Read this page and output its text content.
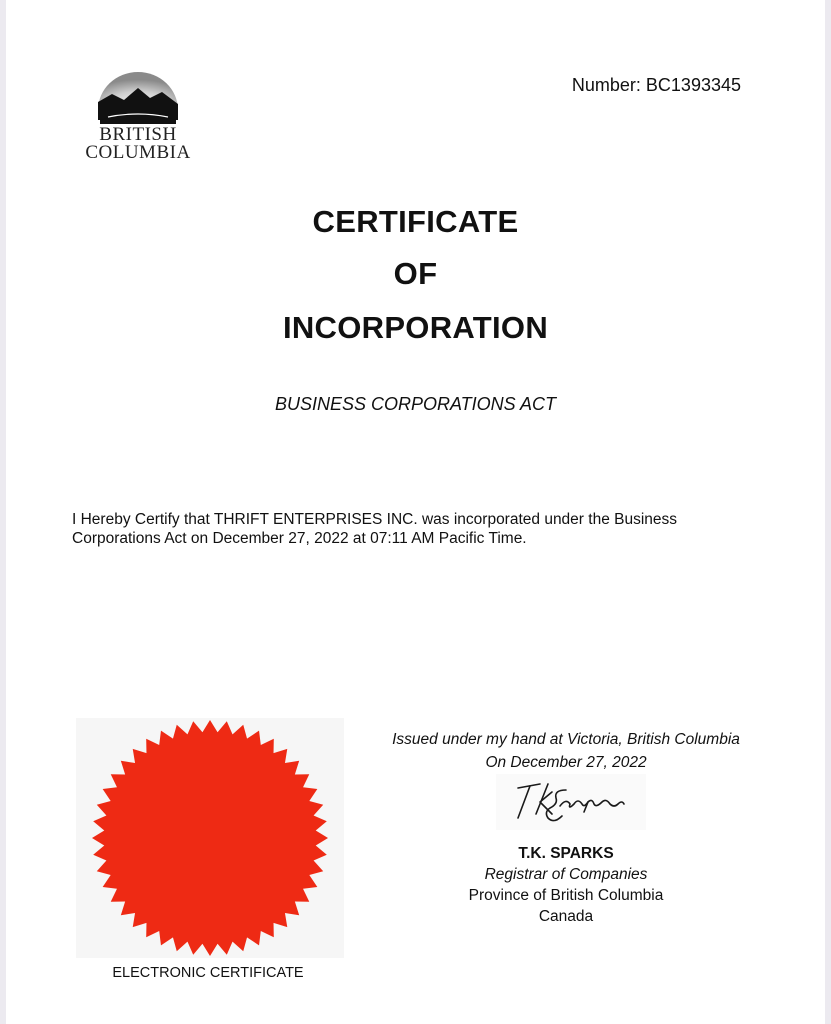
BRITISH
COLUMBIA
Number: BC1393345
CERTIFICATE
OF
INCORPORATION
BUSINESS CORPORATIONS ACT
I Hereby Certify that THRIFT ENTERPRISES INC. was incorporated under the Business
Corporations Act on December 27, 2022 at 07:11 AM Pacific Time.
ELECTRONIC CERTIFICATE
Issued under my hand at Victoria, British Columbia
On December 27, 2022
T.K. SPARKS
Registrar of Companies
Province of British Columbia
Canada
